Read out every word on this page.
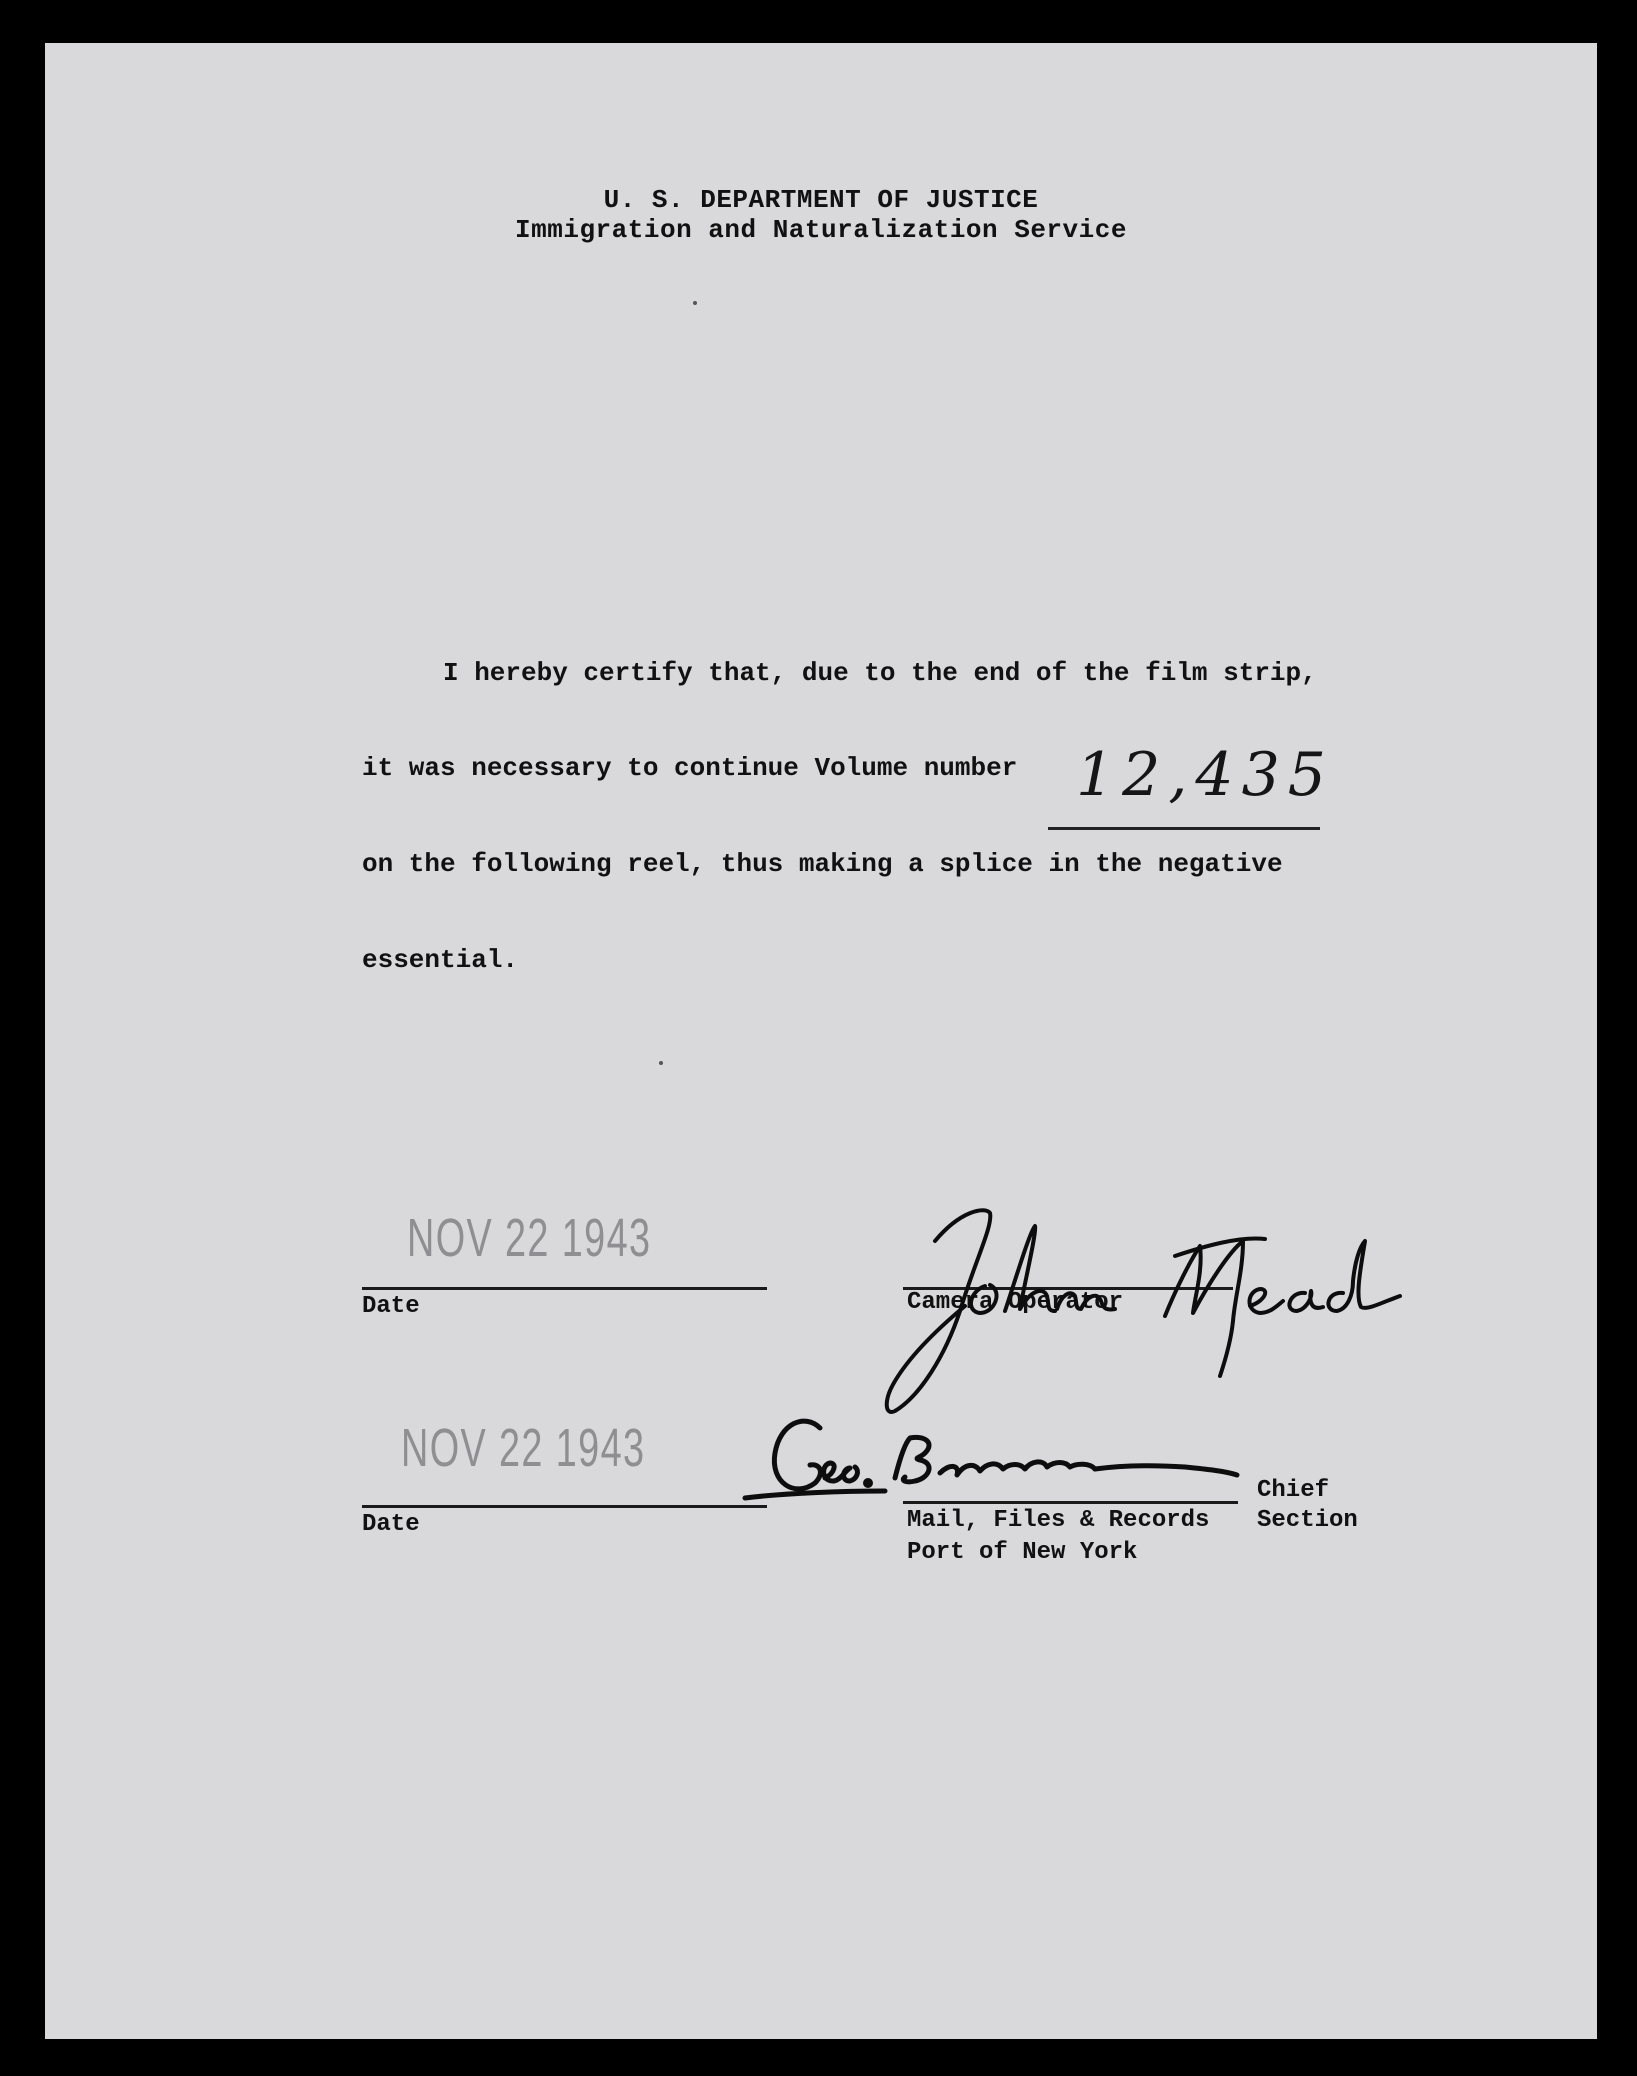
U. S. DEPARTMENT OF JUSTICE
Immigration and Naturalization Service
I hereby certify that, due to the end of the film strip,
it was necessary to continue Volume number 12,435
on the following reel, thus making a splice in the negative
essential.
NOV 22 1943
Date	Camera Operator
NOV 22 1943
Date
Chief
Mail, Files & Records Section
Port of New York
